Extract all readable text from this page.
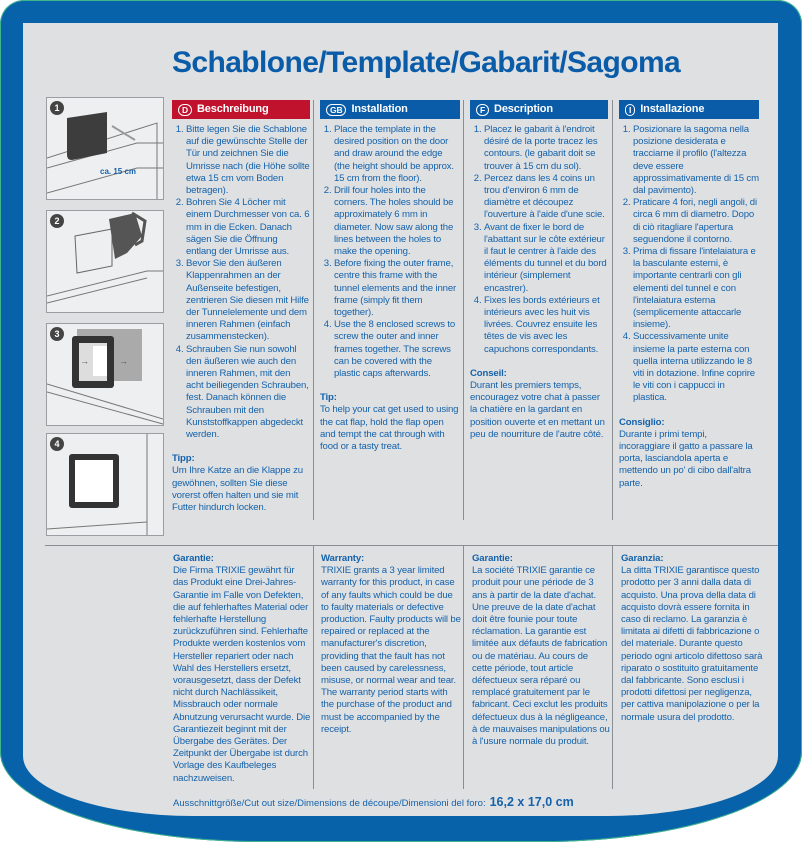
Schablone/Template/Gabarit/Sagoma
1
ca. 15 cm
2
→	→
3
4
D Beschreibung
1. Bitte legen Sie die Schablone auf die gewünschte Stelle der Tür und zeichnen Sie die Umrisse nach (die Höhe sollte etwa 15 cm vom Boden betragen).
2. Bohren Sie 4 Löcher mit einem Durchmesser von ca. 6 mm in die Ecken. Danach sägen Sie die Öffnung entlang der Umrisse aus.
3. Bevor Sie den äußeren Klappenrahmen an der Außenseite befestigen, zentrieren Sie diesen mit Hilfe der Tunnelelemente und dem inneren Rahmen (einfach zusammenstecken).
4. Schrauben Sie nun sowohl den äußeren wie auch den inneren Rahmen, mit den acht beiliegenden Schrauben, fest. Danach können die Schrauben mit den Kunststoffkappen abgedeckt werden.
Tipp:
Um Ihre Katze an die Klappe zu gewöhnen, sollten Sie diese vorerst offen halten und sie mit Futter hindurch locken.
GB Installation
1. Place the template in the desired position on the door and draw around the edge (the height should be approx. 15 cm from the floor).
2. Drill four holes into the corners. The holes should be approximately 6 mm in diameter. Now saw along the lines between the holes to make the opening.
3. Before fixing the outer frame, centre this frame with the tunnel elements and the inner frame (simply fit them together).
4. Use the 8 enclosed screws to screw the outer and inner frames together. The screws can be covered with the plastic caps afterwards.
Tip:
To help your cat get used to using the cat flap, hold the flap open and tempt the cat through with food or a tasty treat.
F Description
1. Placez le gabarit à l'endroit désiré de la porte tracez les contours. (le gabarit doit se trouver à 15 cm du sol).
2. Percez dans les 4 coins un trou d'environ 6 mm de diamètre et découpez l'ouverture à l'aide d'une scie.
3. Avant de fixer le bord de l'abattant sur le côte extérieur il faut le centrer à l'aide des éléments du tunnel et du bord intérieur (simplement encastrer).
4. Fixes les bords extérieurs et intérieurs avec les huit vis livrées. Couvrez ensuite les têtes de vis avec les capuchons correspondants.
Conseil:
Durant les premiers temps, encouragez votre chat à passer la chatière en la gardant en position ouverte et en mettant un peu de nourriture de l'autre côté.
I Installazione
1. Posizionare la sagoma nella posizione desiderata e tracciarne il profilo (l'altezza deve essere approssimativamente di 15 cm dal pavimento).
2. Praticare 4 fori, negli angoli, di circa 6 mm di diametro. Dopo di ciò ritagliare l'apertura seguendone il contorno.
3. Prima di fissare l'intelaiatura e la basculante esterni, è importante centrarli con gli elementi del tunnel e con l'intelaiatura esterna (semplicemente attaccarle insieme).
4. Successivamente unite insieme la parte esterna con quella interna utilizzando le 8 viti in dotazione. Infine coprire le viti con i cappucci in plastica.
Consiglio:
Durante i primi tempi, incoraggiare il gatto a passare la porta, lasciandola aperta e mettendo un po' di cibo dall'altra parte.
Garantie:
Die Firma TRIXIE gewährt für das Produkt eine Drei-Jahres-Garantie im Falle von Defekten, die auf fehlerhaftes Material oder fehlerhafte Herstellung zurückzuführen sind. Fehlerhafte Produkte werden kostenlos vom Hersteller repariert oder nach Wahl des Herstellers ersetzt, vorausgesetzt, dass der Defekt nicht durch Nachlässikeit, Missbrauch oder normale Abnutzung verursacht wurde. Die Garantiezeit beginnt mit der Übergabe des Gerätes. Der Zeitpunkt der Übergabe ist durch Vorlage des Kaufbeleges nachzuweisen.
Warranty:
TRIXIE grants a 3 year limited warranty for this product, in case of any faults which could be due to faulty materials or defective production. Faulty products will be repaired or replaced at the manufacturer's discretion, providing that the fault has not been caused by carelessness, misuse, or normal wear and tear. The warranty period starts with the purchase of the product and must be accompanied by the receipt.
Garantie:
La société TRIXIE garantie ce produit pour une période de 3 ans à partir de la date d'achat. Une preuve de la date d'achat doit être founie pour toute réclamation. La garantie est limitée aux défauts de fabrication ou de matériau. Au cours de cette période, tout article défectueux sera réparé ou remplacé gratuitement par le fabricant. Ceci exclut les produits défectueux dus à la négligeance, à de mauvaises manipulations ou à l'usure normale du produit.
Garanzia:
La ditta TRIXIE garantisce questo prodotto per 3 anni dalla data di acquisto. Una prova della data di acquisto dovrà essere fornita in caso di reclamo. La garanzia è limitata ai difetti di fabbricazione o del materiale. Durante questo periodo ogni articolo difettoso sarà riparato o sostituito gratuitamente dal fabbricante. Sono esclusi i prodotti difettosi per negligenza, per cattiva manipolazione o per la normale usura del prodotto.
Ausschnittgröße/Cut out size/Dimensions de découpe/Dimensioni del foro: 16,2 x 17,0 cm
